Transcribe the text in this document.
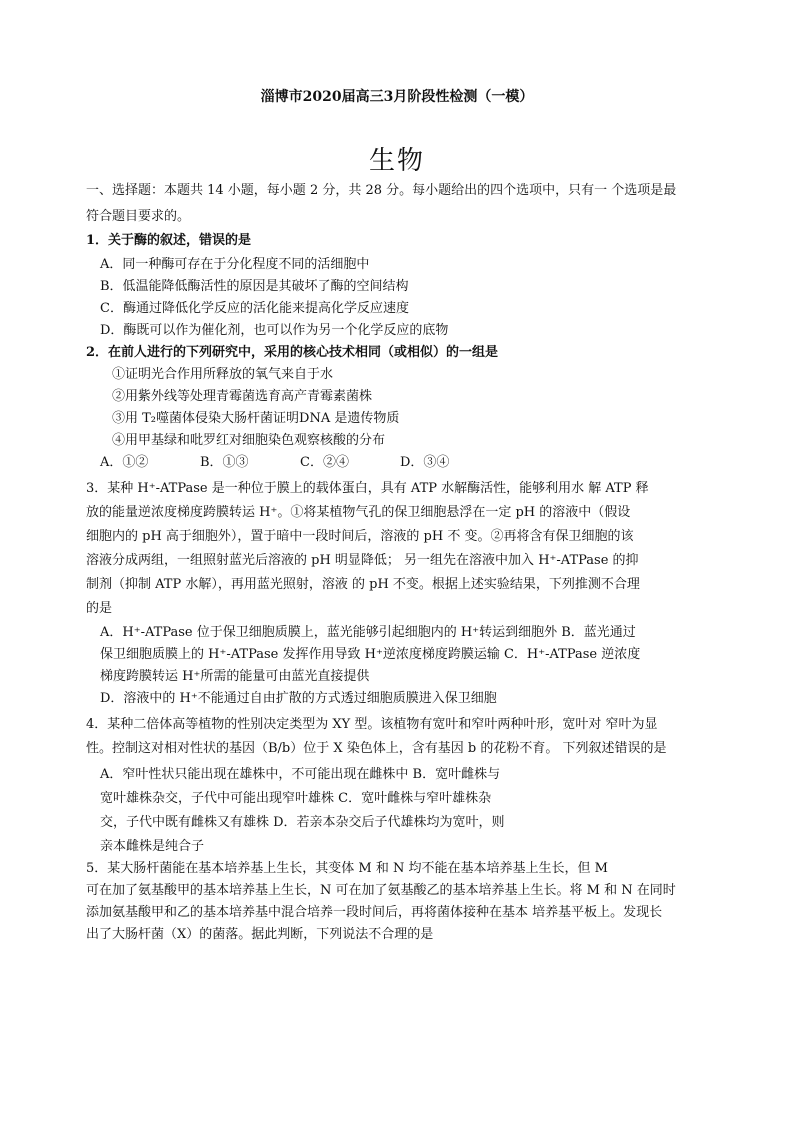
淄博市2020届高三3月阶段性检测（一模）
生物
一、选择题：本题共 14 小题，每小题 2 分，共 28 分。每小题给出的四个选项中，只有一 个选项是最
符合题目要求的。
1．关于酶的叙述，错误的是
A．同一种酶可存在于分化程度不同的活细胞中
B．低温能降低酶活性的原因是其破坏了酶的空间结构
C．酶通过降低化学反应的活化能来提高化学反应速度
D．酶既可以作为催化剂，也可以作为另一个化学反应的底物
2．在前人进行的下列研究中，采用的核心技术相同（或相似）的一组是
①证明光合作用所释放的氧气来自于水
②用紫外线等处理青霉菌选育高产青霉素菌株
③用 T₂噬菌体侵染大肠杆菌证明DNA 是遗传物质
④用甲基绿和吡罗红对细胞染色观察核酸的分布
A．①②	B．①③	C．②④	D．③④
3．某种 H⁺-ATPase 是一种位于膜上的载体蛋白，具有 ATP 水解酶活性，能够利用水 解 ATP 释
放的能量逆浓度梯度跨膜转运 H⁺。①将某植物气孔的保卫细胞悬浮在一定 pH 的溶液中（假设
细胞内的 pH 高于细胞外），置于暗中一段时间后，溶液的 pH 不 变。②再将含有保卫细胞的该
溶液分成两组，一组照射蓝光后溶液的 pH 明显降低； 另一组先在溶液中加入 H⁺-ATPase 的抑
制剂（抑制 ATP 水解），再用蓝光照射，溶液 的 pH 不变。根据上述实验结果，下列推测不合理
的是
A．H⁺-ATPase 位于保卫细胞质膜上，蓝光能够引起细胞内的 H⁺转运到细胞外 B．蓝光通过
保卫细胞质膜上的 H⁺-ATPase 发挥作用导致 H⁺逆浓度梯度跨膜运输 C．H⁺-ATPase 逆浓度
梯度跨膜转运 H⁺所需的能量可由蓝光直接提供
D．溶液中的 H⁺不能通过自由扩散的方式透过细胞质膜进入保卫细胞
4．某种二倍体高等植物的性别决定类型为 XY 型。该植物有宽叶和窄叶两种叶形，宽叶对 窄叶为显
性。控制这对相对性状的基因（B/b）位于 X 染色体上，含有基因 b 的花粉不育。 下列叙述错误的是
A．窄叶性状只能出现在雄株中，不可能出现在雌株中 B．宽叶雌株与
宽叶雄株杂交，子代中可能出现窄叶雄株 C．宽叶雌株与窄叶雄株杂
交，子代中既有雌株又有雄株 D．若亲本杂交后子代雄株均为宽叶，则
亲本雌株是纯合子
5．某大肠杆菌能在基本培养基上生长，其变体 M 和 N 均不能在基本培养基上生长，但 M
可在加了氨基酸甲的基本培养基上生长，N 可在加了氨基酸乙的基本培养基上生长。将 M 和 N 在同时
添加氨基酸甲和乙的基本培养基中混合培养一段时间后，再将菌体接种在基本 培养基平板上。发现长
出了大肠杆菌（X）的菌落。据此判断，下列说法不合理的是
